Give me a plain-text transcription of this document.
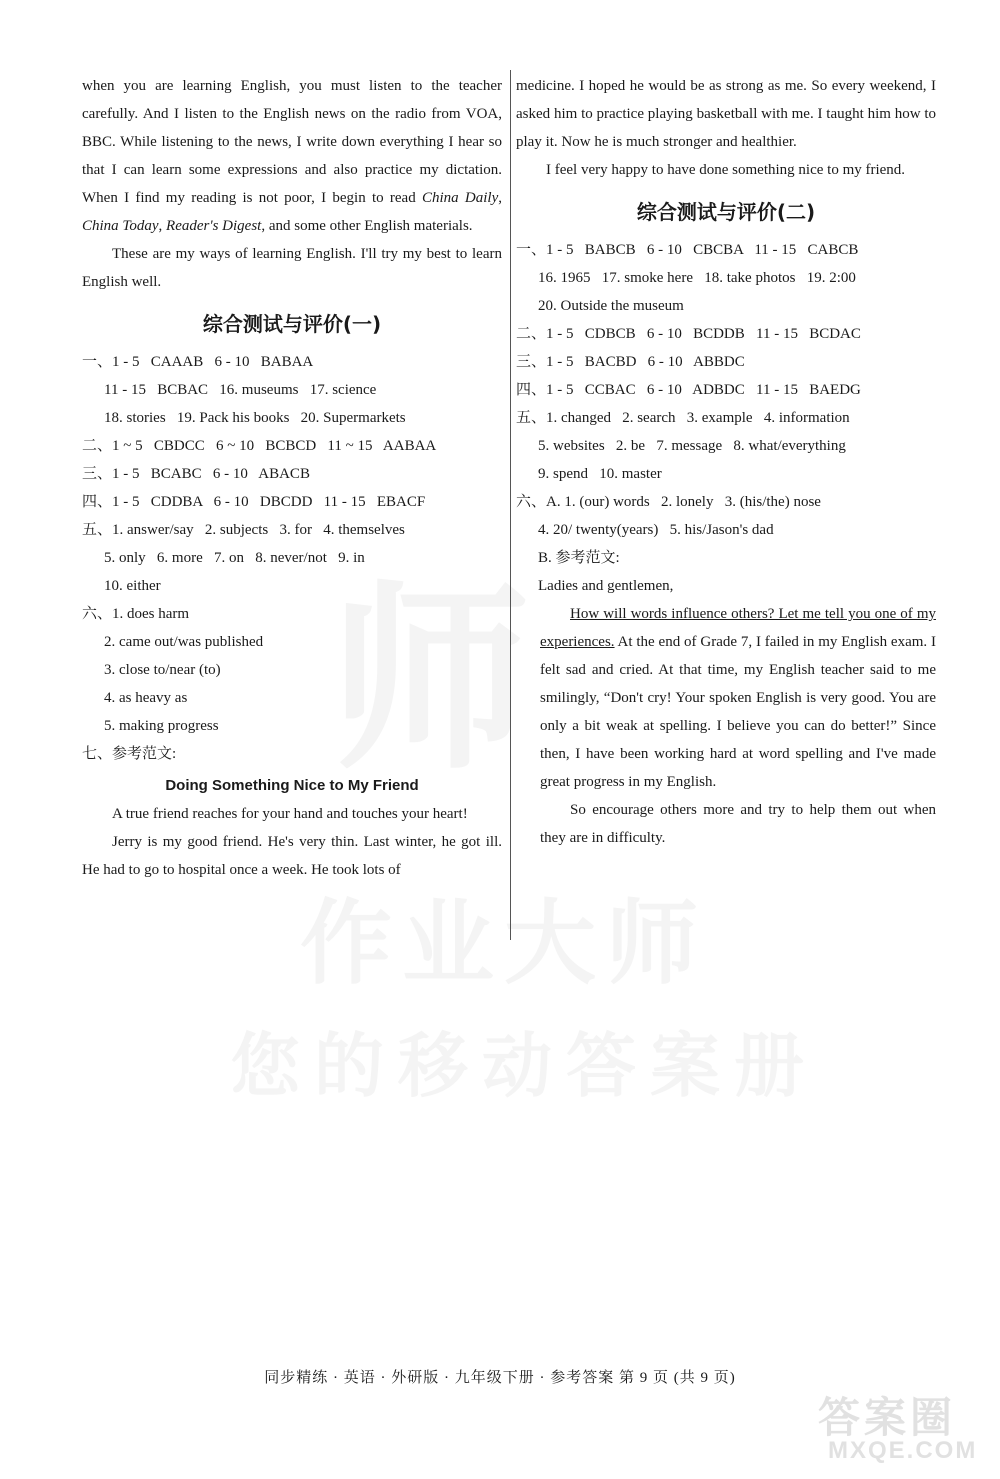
when you are learning English, you must listen to the teacher carefully. And I listen to the English news on the radio from VOA, BBC. While listening to the news, I write down everything I hear so that I can learn some expressions and also practice my dictation. When I find my reading is not poor, I begin to read China Daily, China Today, Reader's Digest, and some other English materials.

These are my ways of learning English. I'll try my best to learn English well.

综合测试与评价(一)

一、1 - 5   CAAAB   6 - 10   BABAA

11 - 15   BCBAC   16. museums   17. science

18. stories   19. Pack his books   20. Supermarkets

二、1 ~ 5   CBDCC   6 ~ 10   BCBCD   11 ~ 15   AABAA

三、1 - 5   BCABC   6 - 10   ABACB

四、1 - 5   CDDBA   6 - 10   DBCDD   11 - 15   EBACF

五、1. answer/say   2. subjects   3. for   4. themselves

5. only   6. more   7. on   8. never/not   9. in

10. either

六、1. does harm

2. came out/was published

3. close to/near (to)

4. as heavy as

5. making progress

七、参考范文:

Doing Something Nice to My Friend

A true friend reaches for your hand and touches your heart!

Jerry is my good friend. He's very thin. Last winter, he got ill. He had to go to hospital once a week. He took lots of

medicine. I hoped he would be as strong as me. So every weekend, I asked him to practice playing basketball with me. I taught him how to play it. Now he is much stronger and healthier.

I feel very happy to have done something nice to my friend.

综合测试与评价(二)

一、1 - 5   BABCB   6 - 10   CBCBA   11 - 15   CABCB

16. 1965   17. smoke here   18. take photos   19. 2:00

20. Outside the museum

二、1 - 5   CDBCB   6 - 10   BCDDB   11 - 15   BCDAC

三、1 - 5   BACBD   6 - 10   ABBDC

四、1 - 5   CCBAC   6 - 10   ADBDC   11 - 15   BAEDG

五、1. changed   2. search   3. example   4. information

5. websites   2. be   7. message   8. what/everything

9. spend   10. master

六、A. 1. (our) words   2. lonely   3. (his/the) nose

4. 20/ twenty(years)   5. his/Jason's dad

B. 参考范文:

Ladies and gentlemen,

How will words influence others? Let me tell you one of my experiences. At the end of Grade 7, I failed in my English exam. I felt sad and cried. At that time, my English teacher said to me smilingly, “Don't cry! Your spoken English is very good. You are only a bit weak at spelling. I believe you can do better!” Since then, I have been working hard at word spelling and I've made great progress in my English.

So encourage others more and try to help them out when they are in difficulty.

同步精练 · 英语 · 外研版 · 九年级下册 · 参考答案 第 9 页 (共 9 页)
答案圈
MXQE.COM
